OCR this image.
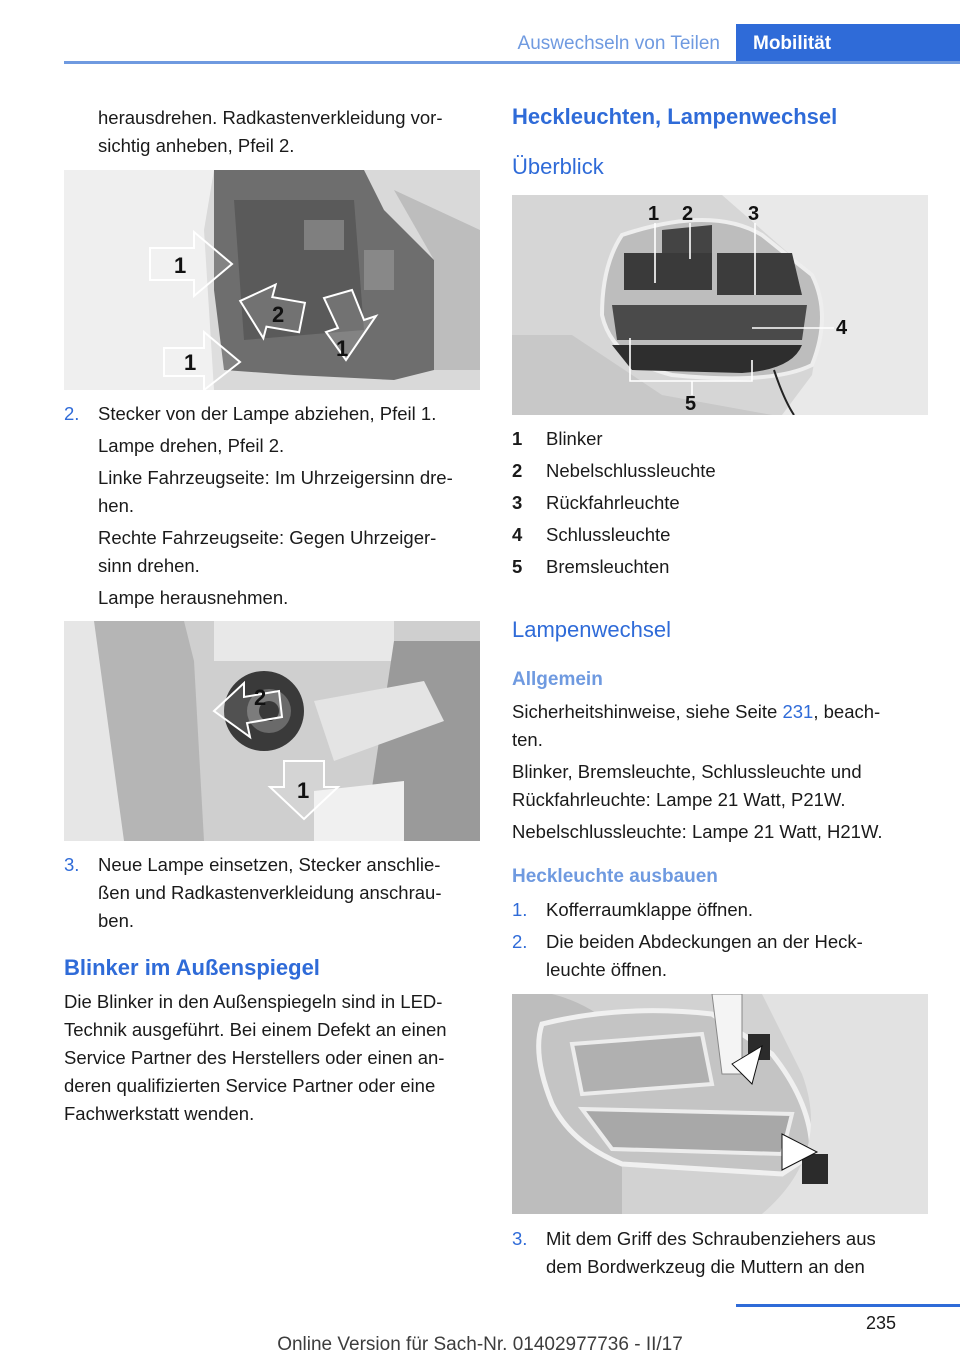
Auswechseln von Teilen	Mobilität

herausdrehen. Radkastenverkleidung vor‐

sichtig anheben, Pfeil 2.

1
2
1
1
2.	Stecker von der Lampe abziehen, Pfeil 1.
Lampe drehen, Pfeil 2.
Linke Fahrzeugseite: Im Uhrzeigersinn dre‐
hen.
Rechte Fahrzeugseite: Gegen Uhrzeiger‐
sinn drehen.
Lampe herausnehmen.
2
1
3.	Neue Lampe einsetzen, Stecker anschlie‐
ßen und Radkastenverkleidung anschrau‐
ben.
Blinker im Außenspiegel

Die Blinker in den Außenspiegeln sind in LED-

Technik ausgeführt. Bei einem Defekt an einen

Service Partner des Herstellers oder einen an‐

deren qualifizierten Service Partner oder eine

Fachwerkstatt wenden.

Heckleuchten, Lampenwechsel
Überblick
1 2	3
4
5
1	Blinker
2	Nebelschlussleuchte
3	Rückfahrleuchte
4	Schlussleuchte
5	Bremsleuchten
Lampenwechsel
Allgemein

Sicherheitshinweise, siehe Seite 231, beach‐

ten.

Blinker, Bremsleuchte, Schlussleuchte und

Rückfahrleuchte: Lampe 21 Watt, P21W.

Nebelschlussleuchte: Lampe 21 Watt, H21W.

Heckleuchte ausbauen
1.	Kofferraumklappe öffnen.
2.	Die beiden Abdeckungen an der Heck‐
leuchte öffnen.
3.	Mit dem Griff des Schraubenziehers aus
dem Bordwerkzeug die Muttern an den
235
Online Version für Sach-Nr. 01402977736 - II/17
